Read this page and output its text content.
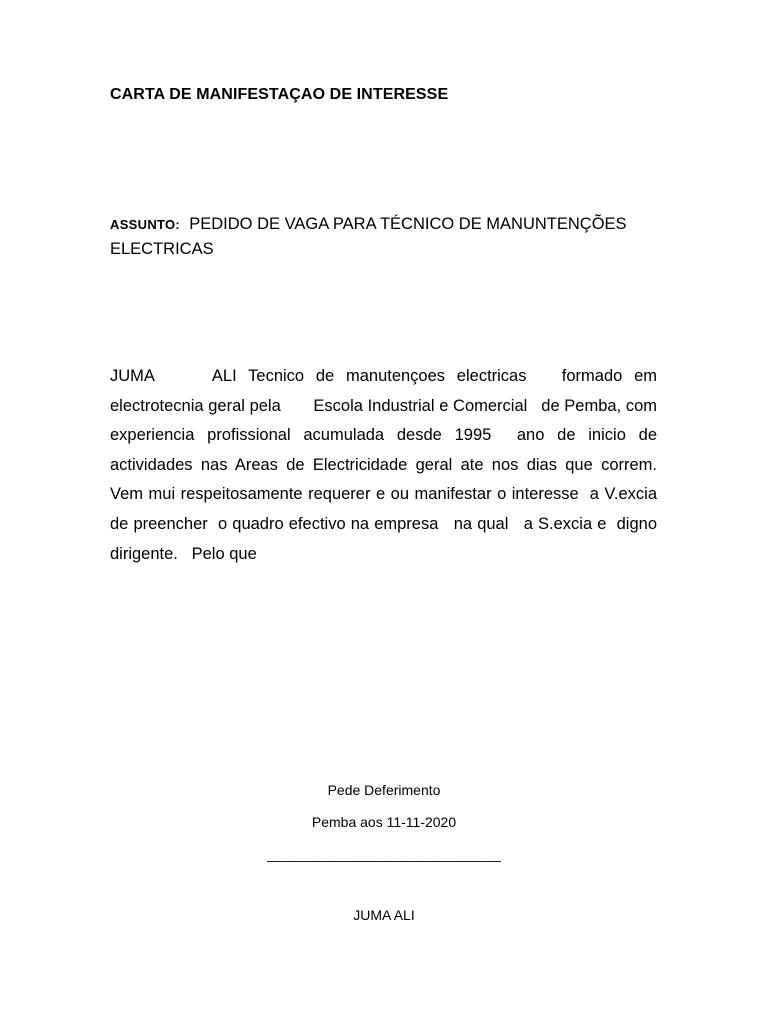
CARTA DE MANIFESTAÇAO DE INTERESSE
ASSUNTO: PEDIDO DE VAGA PARA TÉCNICO DE MANUNTENÇÕES ELECTRICAS
JUMA     ALI Tecnico de manutençoes electricas   formado em electrotecnia geral pela       Escola Industrial e Comercial   de Pemba, com experiencia profissional acumulada desde 1995  ano de inicio de  actividades nas Areas de Electricidade geral ate nos dias que correm. Vem mui respeitosamente requerer e ou manifestar o interesse  a V.excia de preencher  o quadro efectivo na empresa   na qual   a S.excia e  digno dirigente.   Pelo que
Pede Deferimento
Pemba aos 11-11-2020
______________________________
JUMA ALI
